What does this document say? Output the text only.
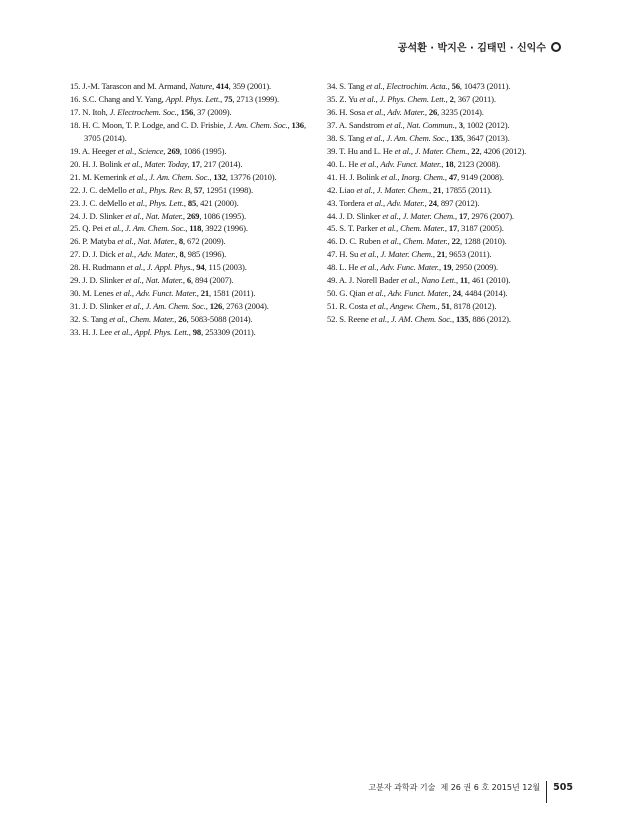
공석환 · 박지은 · 김태민 · 신익수
15. J.-M. Tarascon and M. Armand, Nature, 414, 359 (2001).
16. S.C. Chang and Y. Yang, Appl. Phys. Lett., 75, 2713 (1999).
17. N. Itoh, J. Electrochem. Soc., 156, 37 (2009).
18. H. C. Moon, T. P. Lodge, and C. D. Frisbie, J. Am. Chem. Soc., 136, 3705 (2014).
19. A. Heeger et al., Science, 269, 1086 (1995).
20. H. J. Bolink et al., Mater. Today, 17, 217 (2014).
21. M. Kemerink et al., J. Am. Chem. Soc., 132, 13776 (2010).
22. J. C. deMello et al., Phys. Rev. B, 57, 12951 (1998).
23. J. C. deMello et al., Phys. Lett., 85, 421 (2000).
24. J. D. Slinker et al., Nat. Mater., 269, 1086 (1995).
25. Q. Pei et al., J. Am. Chem. Soc., 118, 3922 (1996).
26. P. Matyba et al., Nat. Mater., 8, 672 (2009).
27. D. J. Dick et al., Adv. Mater., 8, 985 (1996).
28. H. Rudmann et al., J. Appl. Phys., 94, 115 (2003).
29. J. D. Slinker et al., Nat. Mater., 6, 894 (2007).
30. M. Lenes et al., Adv. Funct. Mater., 21, 1581 (2011).
31. J. D. Slinker et al., J. Am. Chem. Soc., 126, 2763 (2004).
32. S. Tang et al., Chem. Mater., 26, 5083-5088 (2014).
33. H. J. Lee et al., Appl. Phys. Lett., 98, 253309 (2011).
34. S. Tang et al., Electrochim. Acta., 56, 10473 (2011).
35. Z. Yu et al., J. Phys. Chem. Lett., 2, 367 (2011).
36. H. Sosa et al., Adv. Mater., 26, 3235 (2014).
37. A. Sandstrom et al., Nat. Commun., 3, 1002 (2012).
38. S. Tang et al., J. Am. Chem. Soc., 135, 3647 (2013).
39. T. Hu and L. He et al., J. Mater. Chem., 22, 4206 (2012).
40. L. He et al., Adv. Funct. Mater., 18, 2123 (2008).
41. H. J. Bolink et al., Inorg. Chem., 47, 9149 (2008).
42. Liao et al., J. Mater. Chem., 21, 17855 (2011).
43. Tordera et al., Adv. Mater., 24, 897 (2012).
44. J. D. Slinker et al., J. Mater. Chem., 17, 2976 (2007).
45. S. T. Parker et al., Chem. Mater., 17, 3187 (2005).
46. D. C. Ruben et al., Chem. Mater., 22, 1288 (2010).
47. H. Su et al., J. Mater. Chem., 21, 9653 (2011).
48. L. He et al., Adv. Func. Mater., 19, 2950 (2009).
49. A. J. Norell Bader et al., Nano Lett., 11, 461 (2010).
50. G. Qian et al., Adv. Funct. Mater., 24, 4484 (2014).
51. R. Costa et al., Angew. Chem., 51, 8178 (2012).
52. S. Reene et al., J. AM. Chem. Soc., 135, 886 (2012).
고분자 과학과 기술
제 26 권 6 호 2015년 12월 505
